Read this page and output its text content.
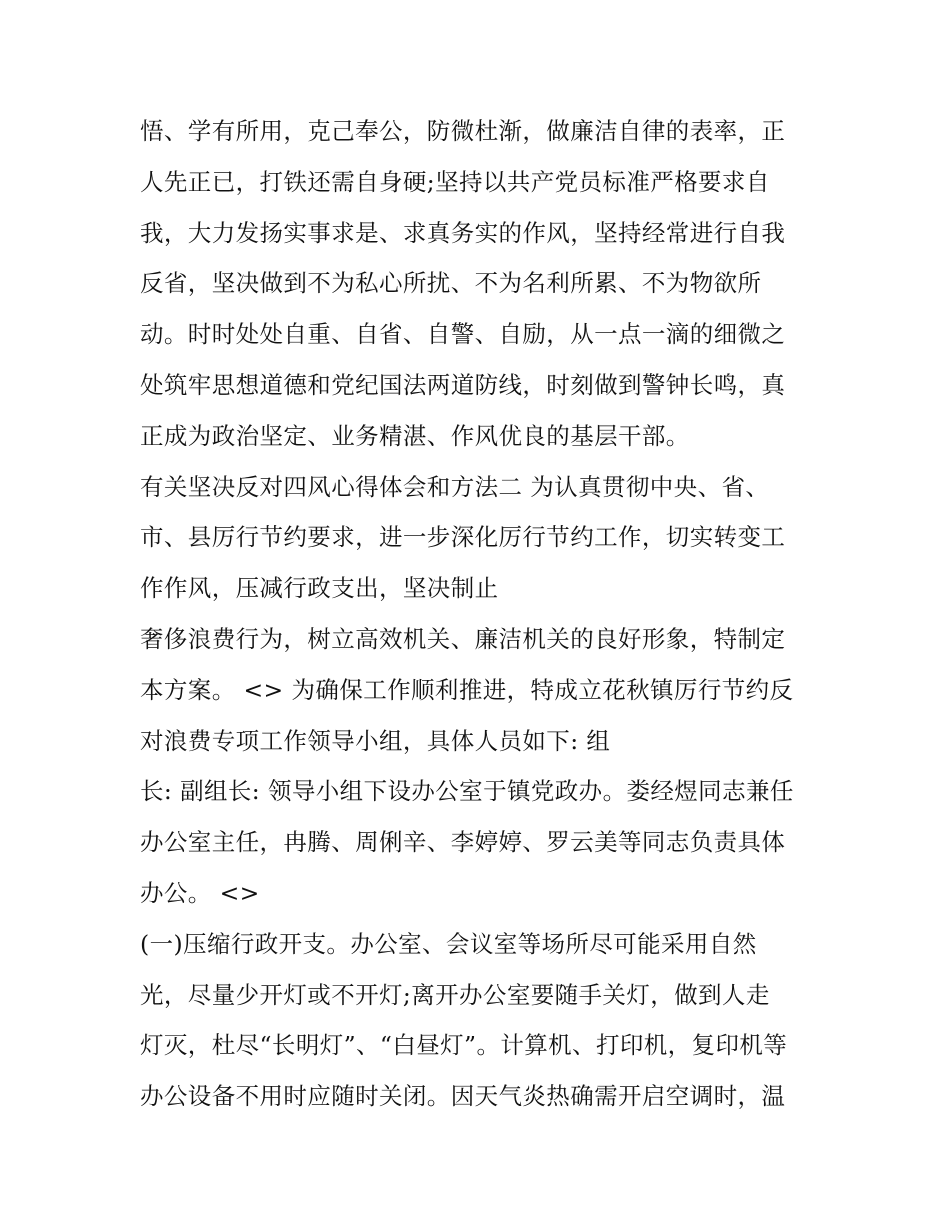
悟、学有所用，克己奉公，防微杜渐，做廉洁自律的表率，正
人先正已，打铁还需自身硬;坚持以共产党员标准严格要求自
我，大力发扬实事求是、求真务实的作风，坚持经常进行自我
反省，坚决做到不为私心所扰、不为名利所累、不为物欲所
动。时时处处自重、自省、自警、自励，从一点一滴的细微之
处筑牢思想道德和党纪国法两道防线，时刻做到警钟长鸣，真
正成为政治坚定、业务精湛、作风优良的基层干部。
有关坚决反对四风心得体会和方法二 为认真贯彻中央、省、
市、县厉行节约要求，进一步深化厉行节约工作，切实转变工
作作风，压减行政支出，坚决制止
奢侈浪费行为，树立高效机关、廉洁机关的良好形象，特制定
本方案。 <> 为确保工作顺利推进，特成立花秋镇厉行节约反
对浪费专项工作领导小组，具体人员如下: 组
长: 副组长: 领导小组下设办公室于镇党政办。娄经煜同志兼任
办公室主任，冉腾、周俐辛、李婷婷、罗云美等同志负责具体
办公。 <>
(一)压缩行政开支。办公室、会议室等场所尽可能采用自然
光，尽量少开灯或不开灯;离开办公室要随手关灯，做到人走
灯灭，杜尽“长明灯”、“白昼灯”。计算机、打印机，复印机等
办公设备不用时应随时关闭。因天气炎热确需开启空调时，温
